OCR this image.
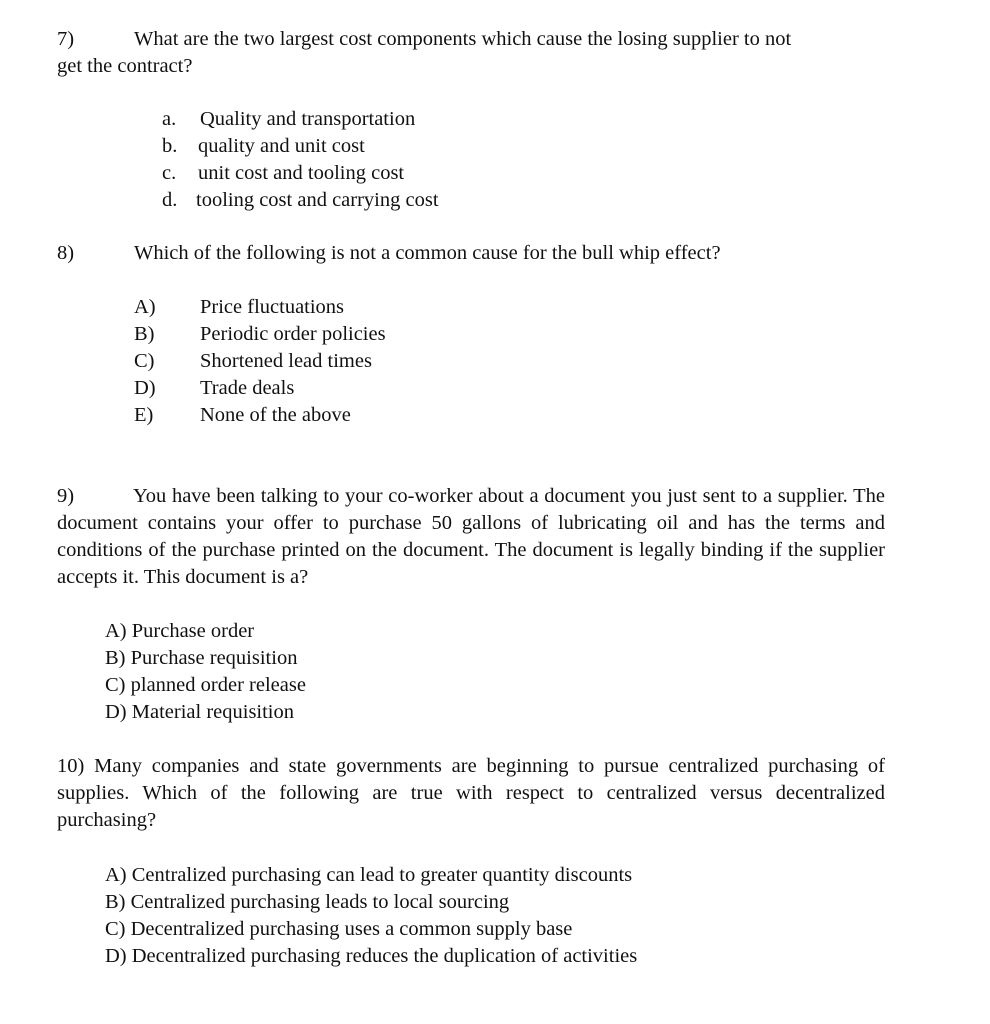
7)	What are the two largest cost components which cause the losing supplier to not
get the contract?
a. Quality and transportation
b. quality and unit cost
c. unit cost and tooling cost
d. tooling cost and carrying cost
8)	Which of the following is not a common cause for the bull whip effect?
A) Price fluctuations
B) Periodic order policies
C) Shortened lead times
D) Trade deals
E) None of the above
9)	You have been talking to your co-worker about a document you just sent to a supplier. The document contains your offer to purchase 50 gallons of lubricating oil and has the terms and conditions of the purchase printed on the document. The document is legally binding if the supplier accepts it. This document is a?
A) Purchase order
B) Purchase requisition
C) planned order release
D) Material requisition
10) Many companies and state governments are beginning to pursue centralized purchasing of supplies. Which of the following are true with respect to centralized versus decentralized purchasing?
A) Centralized purchasing can lead to greater quantity discounts
B) Centralized purchasing leads to local sourcing
C) Decentralized purchasing uses a common supply base
D) Decentralized purchasing reduces the duplication of activities
